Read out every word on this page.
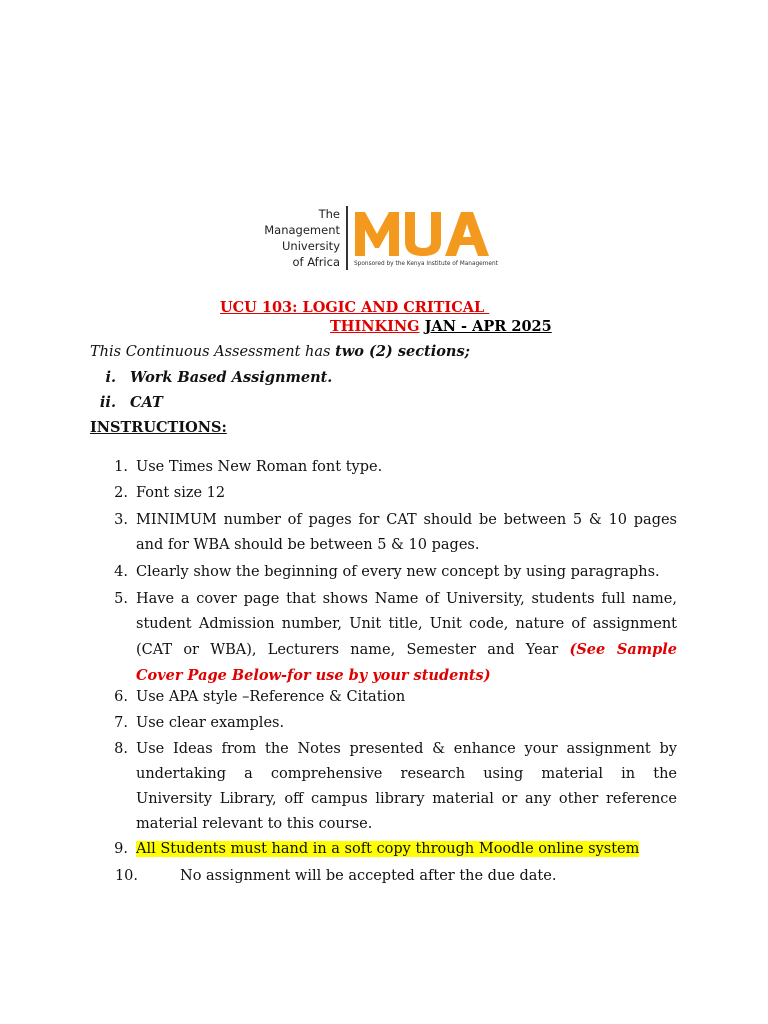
The
Management
University
of Africa Sponsored by the Kenya Institute of Management
UCU 103: LOGIC AND CRITICAL
THINKING JAN - APR 2025
This Continuous Assessment has two (2) sections;
i. Work Based Assignment.
ii. CAT
INSTRUCTIONS:
1. Use Times New Roman font type.
2. Font size 12
3. MINIMUM number of pages for CAT should be between 5 & 10 pages
and for WBA should be between 5 & 10 pages.
4. Clearly show the beginning of every new concept by using paragraphs.
5. Have a cover page that shows Name of University, students full name,
student Admission number, Unit title, Unit code, nature of assignment
(CAT or WBA), Lecturers name, Semester and Year (See Sample
Cover Page Below-for use by your students)
6. Use APA style –Reference & Citation
7. Use clear examples.
8. Use Ideas from the Notes presented & enhance your assignment by
undertaking a comprehensive research using material in the
University Library, off campus library material or any other reference
material relevant to this course.
9. All Students must hand in a soft copy through Moodle online system
10.	No assignment will be accepted after the due date.
